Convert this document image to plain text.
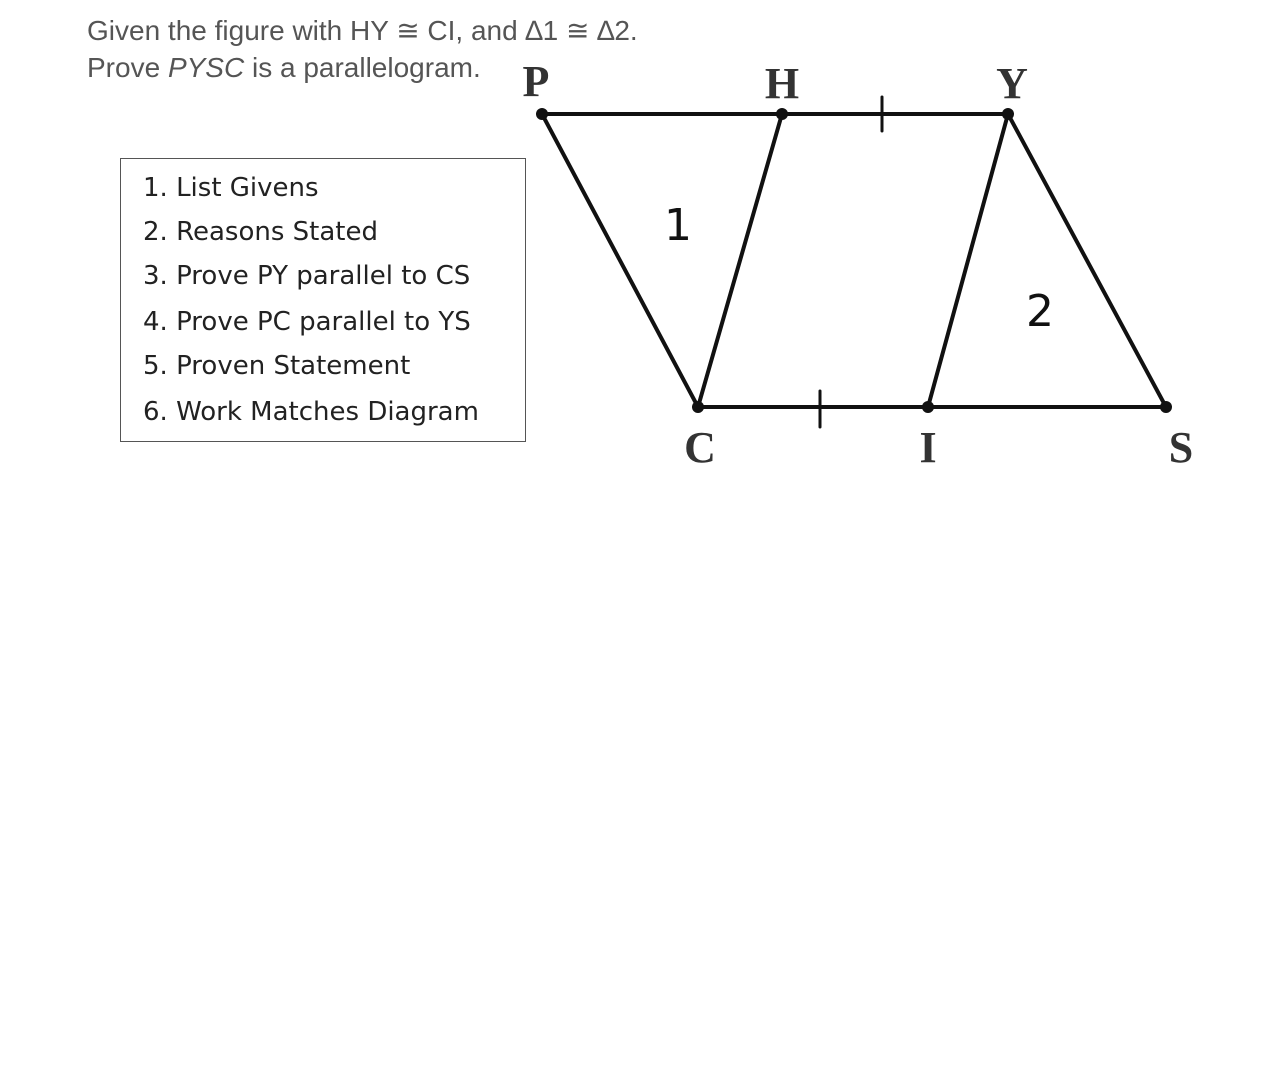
Given the figure with HY ≅ CI, and ∆1 ≅ ∆2.

Prove PYSC is a parallelogram.

1. List Givens
2. Reasons Stated
3. Prove PY parallel to CS
4. Prove PC parallel to YS
5. Proven Statement
6. Work Matches Diagram
P	H	Y
C	I	S
1
2
